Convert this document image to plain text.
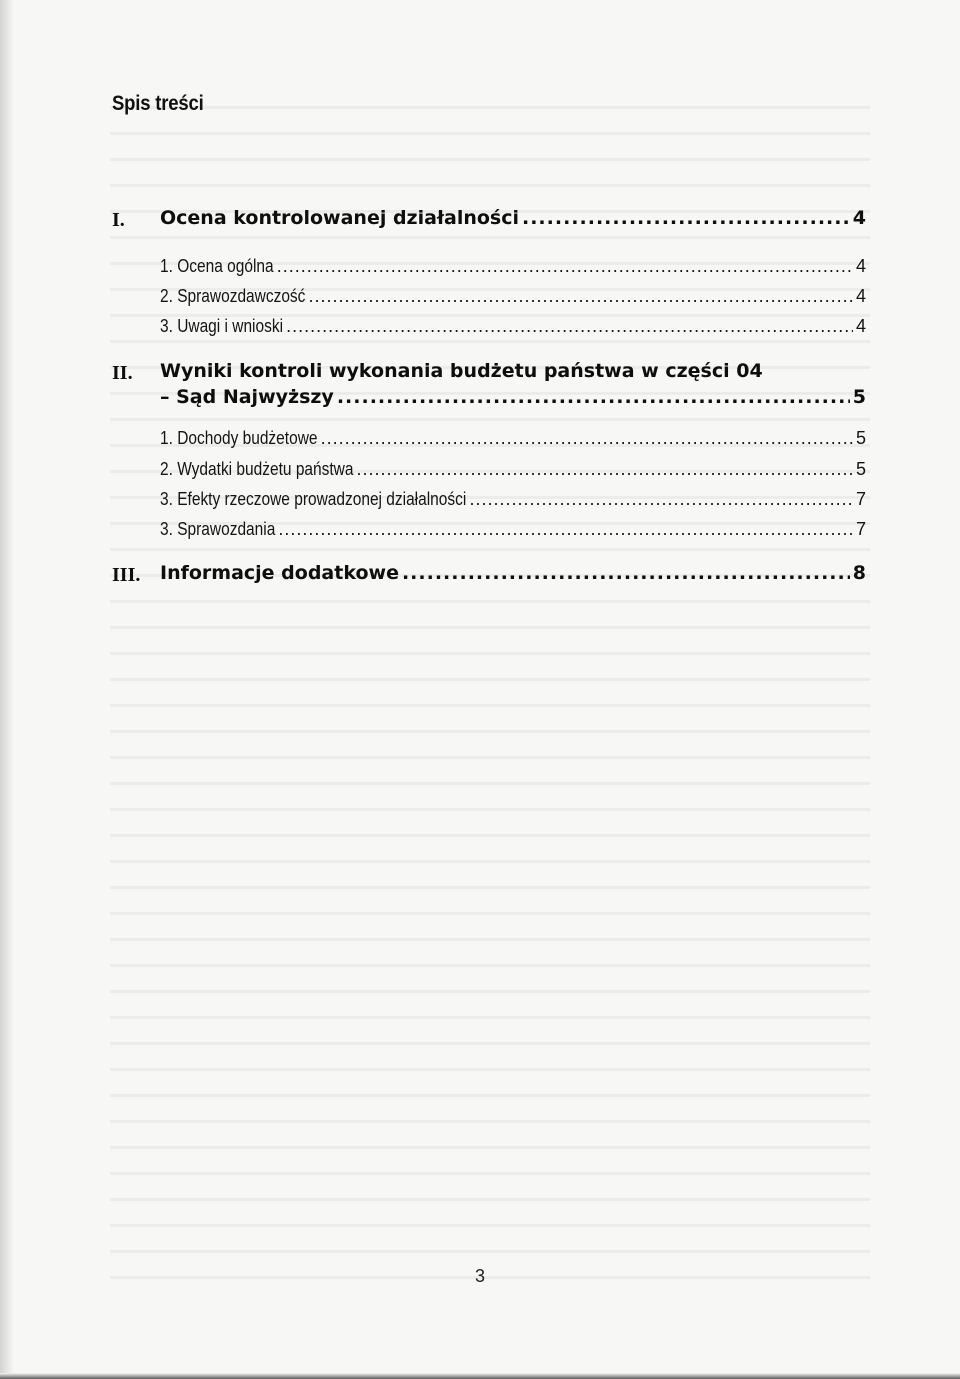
Spis treści
I. Ocena kontrolowanej działalności .....	4
1. Ocena ogólna .....	4
2. Sprawozdawczość .....	4
3. Uwagi i wnioski .....	4
II. Wyniki kontroli wykonania budżetu państwa w części 04
– Sąd Najwyższy .....	5
1. Dochody budżetowe .....	5
2. Wydatki budżetu państwa .....	5
3. Efekty rzeczowe prowadzonej działalności .....	7
3. Sprawozdania .....	7
III. Informacje dodatkowe .....	8
3
